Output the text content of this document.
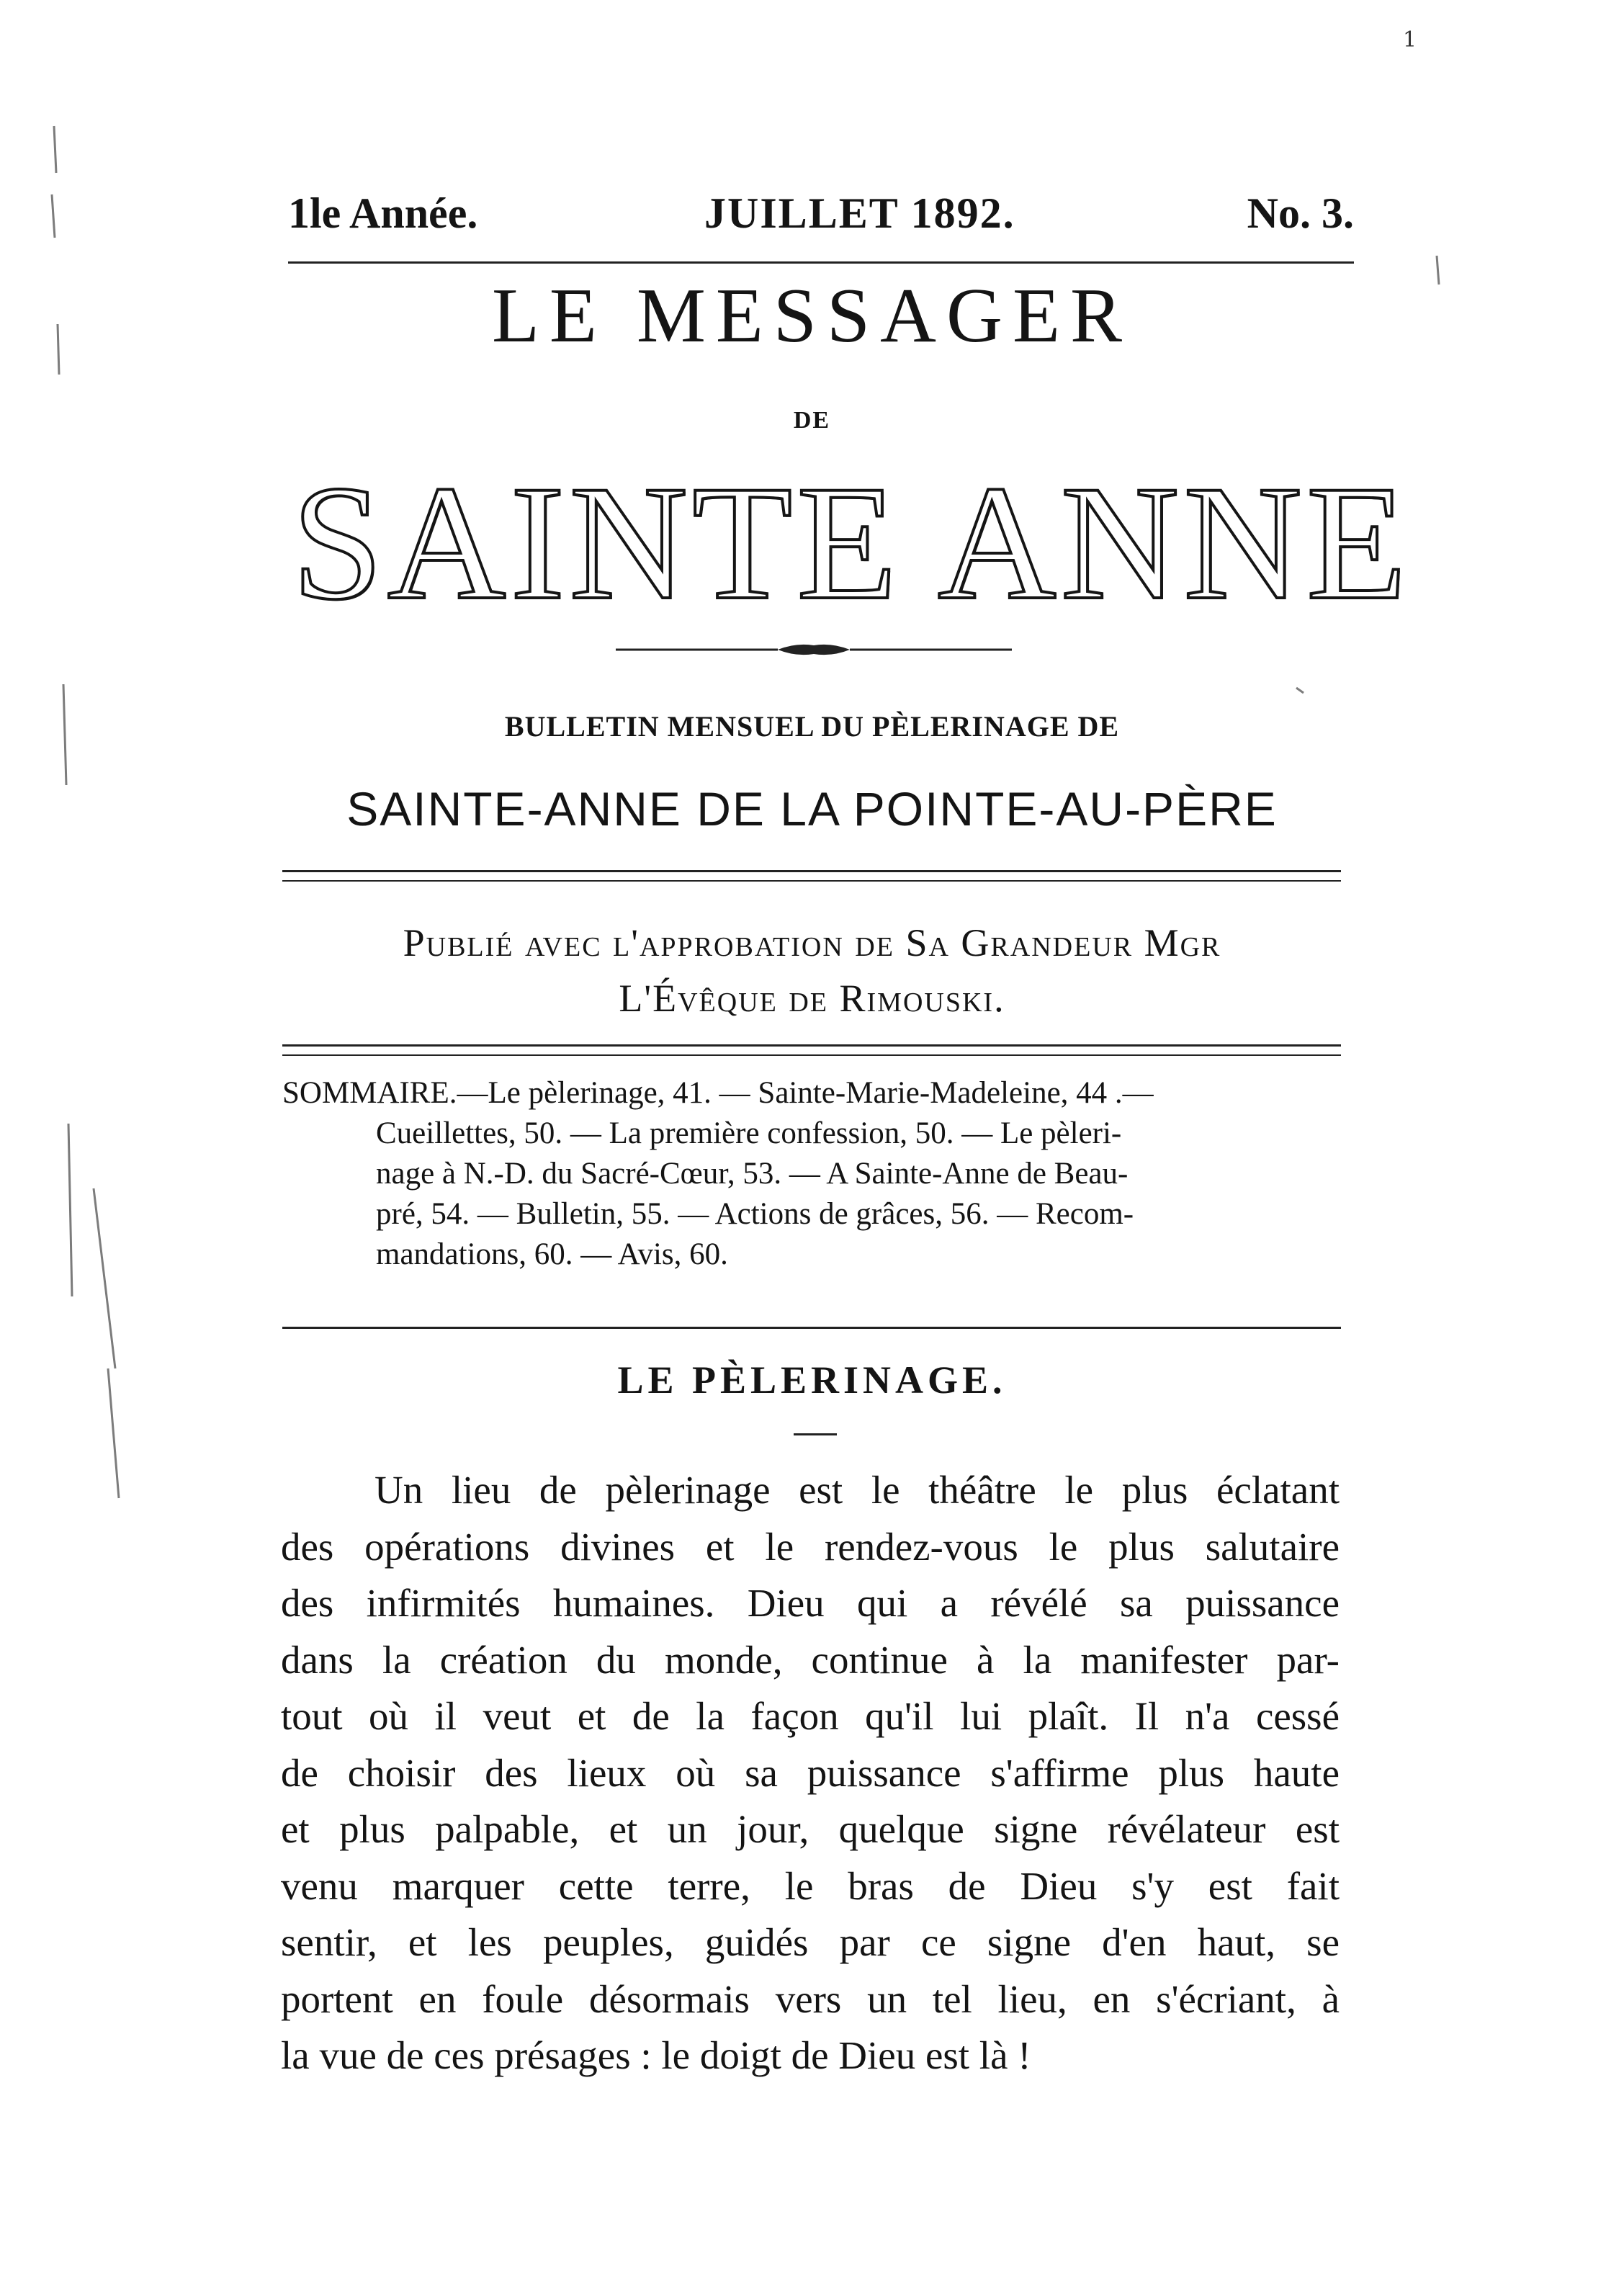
1
1le Année.	JUILLET 1892.	No. 3.
LE MESSAGER
DE
SAINTE ANNE
BULLETIN MENSUEL DU PÈLERINAGE DE
SAINTE-ANNE DE LA POINTE-AU-PÈRE
Publié avec l'approbation de Sa Grandeur Mgr
L'Évêque de Rimouski.
SOMMAIRE.—Le pèlerinage, 41. — Sainte-Marie-Madeleine, 44 .—
Cueillettes, 50. — La première confession, 50. — Le pèleri-
nage à N.-D. du Sacré-Cœur, 53. — A Sainte-Anne de Beau-
pré, 54. — Bulletin, 55. — Actions de grâces, 56. — Recom-
mandations, 60. — Avis, 60.
LE PÈLERINAGE.
Un lieu de pèlerinage est le théâtre le plus éclatant
des opérations divines et le rendez-vous le plus salutaire
des infirmités humaines. Dieu qui a révélé sa puissance
dans la création du monde, continue à la manifester par-
tout où il veut et de la façon qu'il lui plaît. Il n'a cessé
de choisir des lieux où sa puissance s'affirme plus haute
et plus palpable, et un jour, quelque signe révélateur est
venu marquer cette terre, le bras de Dieu s'y est fait
sentir, et les peuples, guidés par ce signe d'en haut, se
portent en foule désormais vers un tel lieu, en s'écriant, à
la vue de ces présages : le doigt de Dieu est là !
